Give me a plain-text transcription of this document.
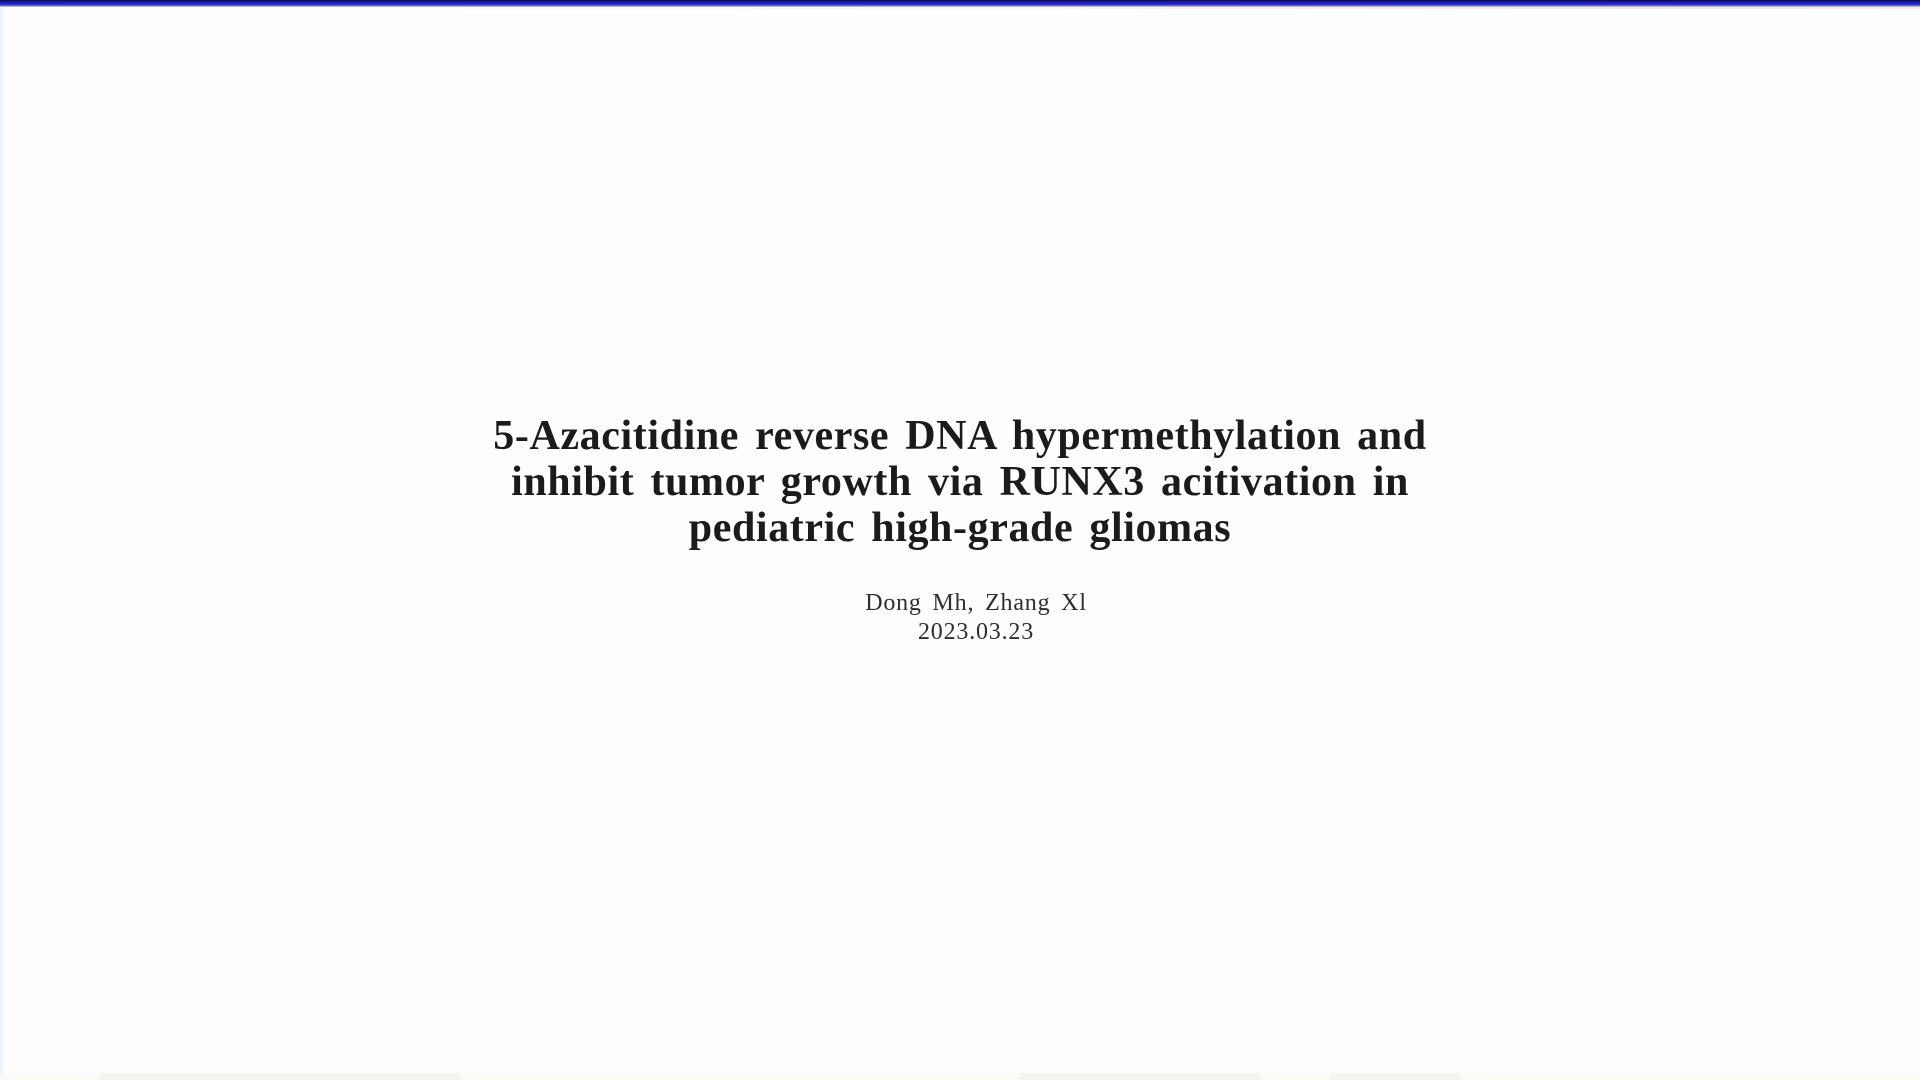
5-Azacitidine reverse DNA hypermethylation and
inhibit tumor growth via RUNX3 acitivation in
pediatric high-grade gliomas
Dong Mh, Zhang Xl
2023.03.23
